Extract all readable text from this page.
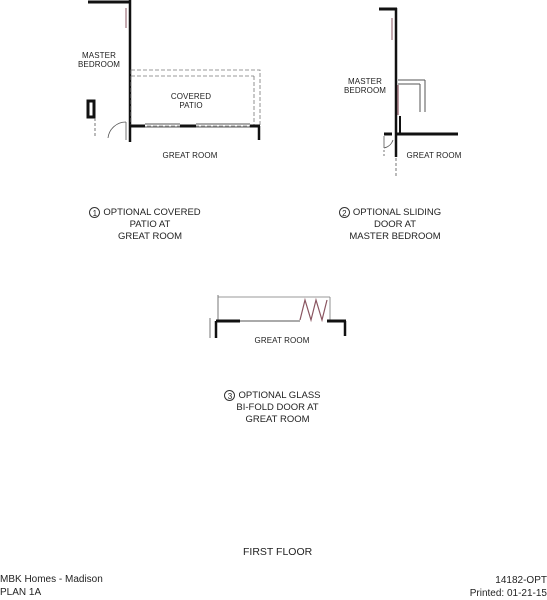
MASTER
BEDROOM
COVERED
PATIO
GREAT ROOM
MASTER
BEDROOM
GREAT ROOM
GREAT ROOM
1 OPTIONAL COVERED
PATIO AT
GREAT ROOM
2 OPTIONAL SLIDING
DOOR AT
MASTER BEDROOM
3 OPTIONAL GLASS
BI-FOLD DOOR AT
GREAT ROOM
FIRST FLOOR
MBK Homes - Madison
PLAN 1A
14182-OPT
Printed: 01-21-15
